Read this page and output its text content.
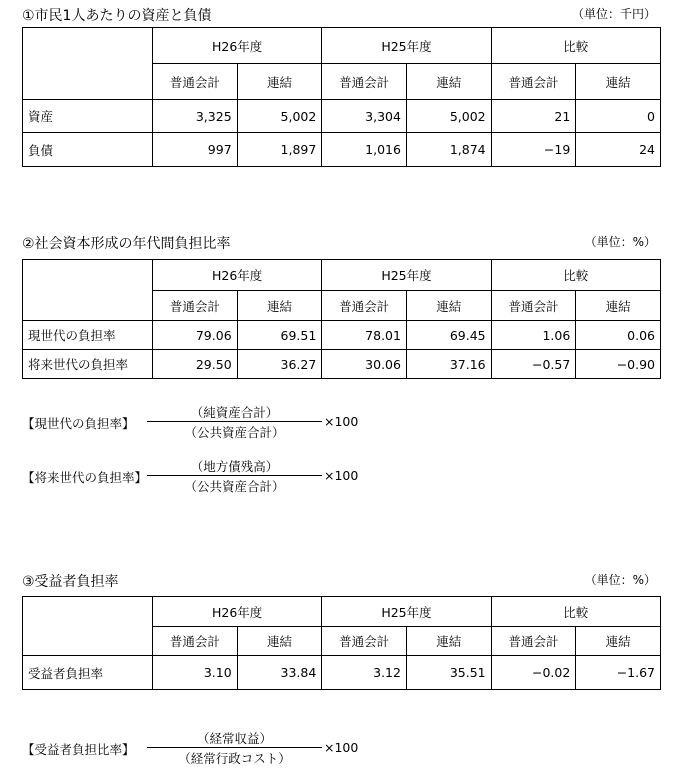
①市民1人あたりの資産と負債	（単位：千円）
	H26年度		H25年度		比較	
	普通会計	連結	普通会計	連結	普通会計	連結
資産	3,325	5,002	3,304	5,002	21	0
負債	997	1,897	1,016	1,874	−19	24
②社会資本形成の年代間負担比率	（単位：%）
	H26年度		H25年度		比較	
	普通会計	連結	普通会計	連結	普通会計	連結
現世代の負担率	79.06	69.51	78.01	69.45	1.06	0.06
将来世代の負担率	29.50	36.27	30.06	37.16	−0.57	−0.90
【現世代の負担率】
（純資産合計）
（公共資産合計）
×100
【将来世代の負担率】
（地方債残高）
（公共資産合計）
×100
③受益者負担率	（単位：%）
	H26年度		H25年度		比較	
	普通会計	連結	普通会計	連結	普通会計	連結
受益者負担率	3.10	33.84	3.12	35.51	−0.02	−1.67
【受益者負担比率】
（経常収益）
（経常行政コスト）
×100
